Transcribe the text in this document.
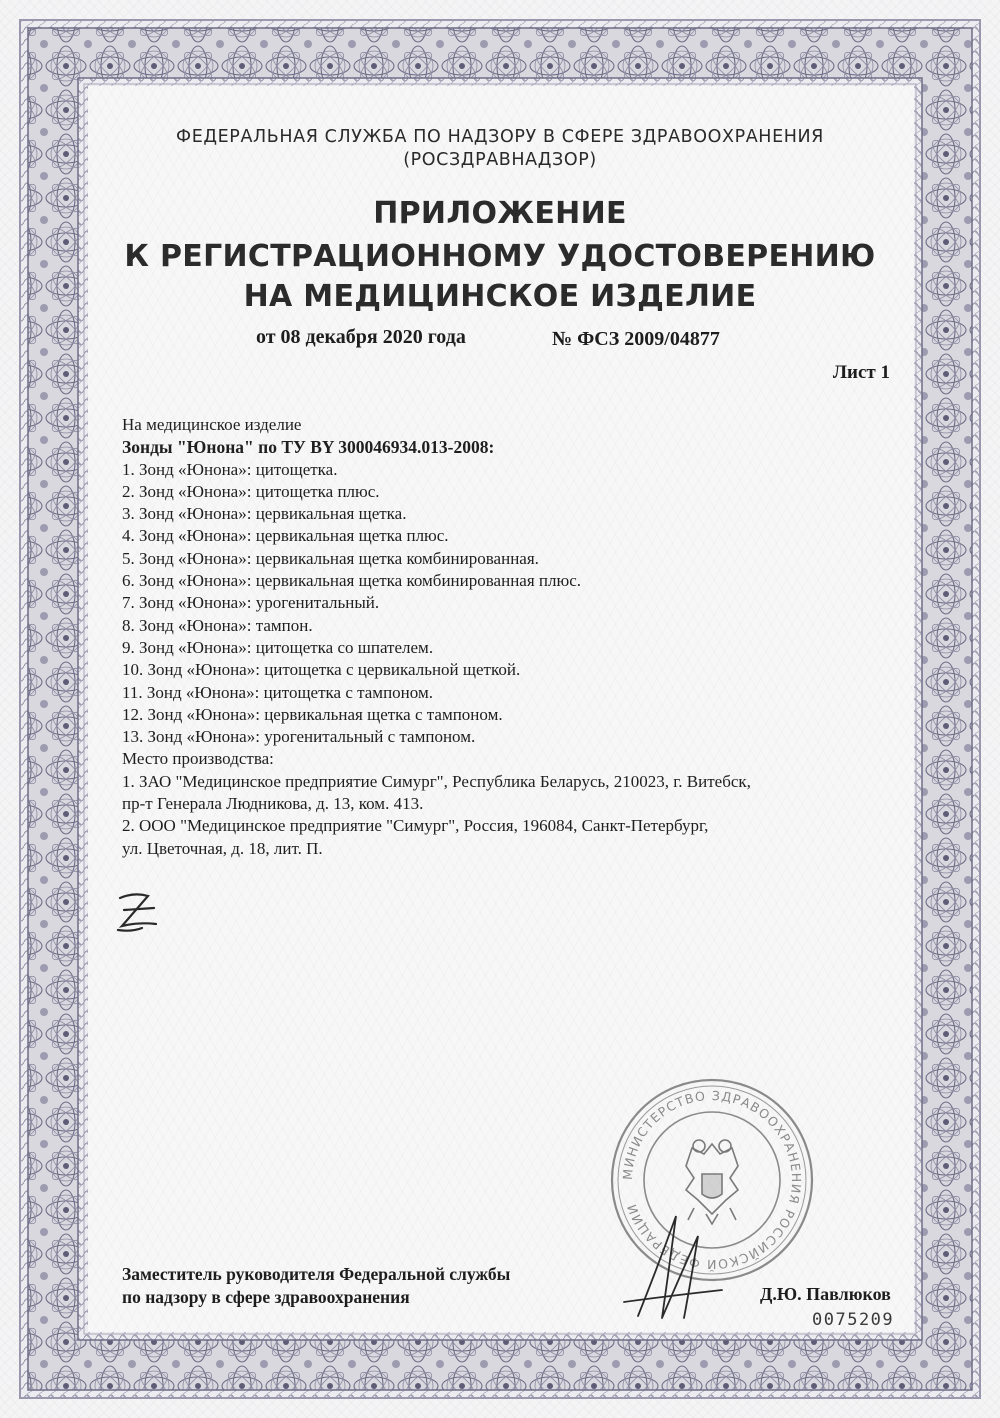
ФЕДЕРАЛЬНАЯ СЛУЖБА ПО НАДЗОРУ В СФЕРЕ ЗДРАВООХРАНЕНИЯ
(РОСЗДРАВНАДЗОР)
ПРИЛОЖЕНИЕ
К РЕГИСТРАЦИОННОМУ УДОСТОВЕРЕНИЮ
НА МЕДИЦИНСКОЕ ИЗДЕЛИЕ
от 08 декабря 2020 года	№ ФСЗ 2009/04877
Лист 1
На медицинское изделие
Зонды "Юнона" по ТУ BY 300046934.013-2008:
1. Зонд «Юнона»: цитощетка.
2. Зонд «Юнона»: цитощетка плюс.
3. Зонд «Юнона»: цервикальная щетка.
4. Зонд «Юнона»: цервикальная щетка плюс.
5. Зонд «Юнона»: цервикальная щетка комбинированная.
6. Зонд «Юнона»: цервикальная щетка комбинированная плюс.
7. Зонд «Юнона»: урогенитальный.
8. Зонд «Юнона»: тампон.
9. Зонд «Юнона»: цитощетка со шпателем.
10. Зонд «Юнона»: цитощетка с цервикальной щеткой.
11. Зонд «Юнона»: цитощетка с тампоном.
12. Зонд «Юнона»: цервикальная щетка с тампоном.
13. Зонд «Юнона»: урогенитальный с тампоном.
Место производства:
1. ЗАО "Медицинское предприятие Симург", Республика Беларусь, 210023, г. Витебск,
пр-т Генерала Людникова, д. 13, ком. 413.
2. ООО "Медицинское предприятие "Симург", Россия, 196084, Санкт-Петербург,
ул. Цветочная, д. 18, лит. П.
МИНИСТЕРСТВО ЗДРАВООХРАНЕНИЯ РОССИЙСКОЙ ФЕДЕРАЦИИ
Заместитель руководителя Федеральной службы
по надзору в сфере здравоохранения	Д.Ю. Павлюков
0075209
